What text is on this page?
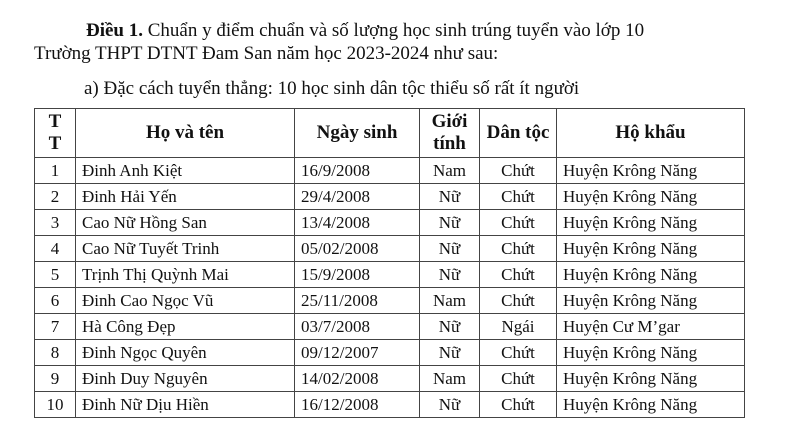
Điều 1. Chuẩn y điểm chuẩn và số lượng học sinh trúng tuyển vào lớp 10
Trường THPT DTNT Đam San năm học 2023-2024 như sau:
a) Đặc cách tuyển thẳng: 10 học sinh dân tộc thiểu số rất ít người
T T	Họ và tên	Ngày sinh	Giới tính	Dân tộc	Hộ khẩu
1	Đinh Anh Kiệt	16/9/2008	Nam	Chứt	Huyện Krông Năng
2	Đinh Hải Yến	29/4/2008	Nữ	Chứt	Huyện Krông Năng
3	Cao Nữ Hồng San	13/4/2008	Nữ	Chứt	Huyện Krông Năng
4	Cao Nữ Tuyết Trinh	05/02/2008	Nữ	Chứt	Huyện Krông Năng
5	Trịnh Thị Quỳnh Mai	15/9/2008	Nữ	Chứt	Huyện Krông Năng
6	Đinh Cao Ngọc Vũ	25/11/2008	Nam	Chứt	Huyện Krông Năng
7	Hà Công Đẹp	03/7/2008	Nữ	Ngái	Huyện Cư M’gar
8	Đinh Ngọc Quyên	09/12/2007	Nữ	Chứt	Huyện Krông Năng
9	Đinh Duy Nguyên	14/02/2008	Nam	Chứt	Huyện Krông Năng
10	Đinh Nữ Dịu Hiền	16/12/2008	Nữ	Chứt	Huyện Krông Năng
